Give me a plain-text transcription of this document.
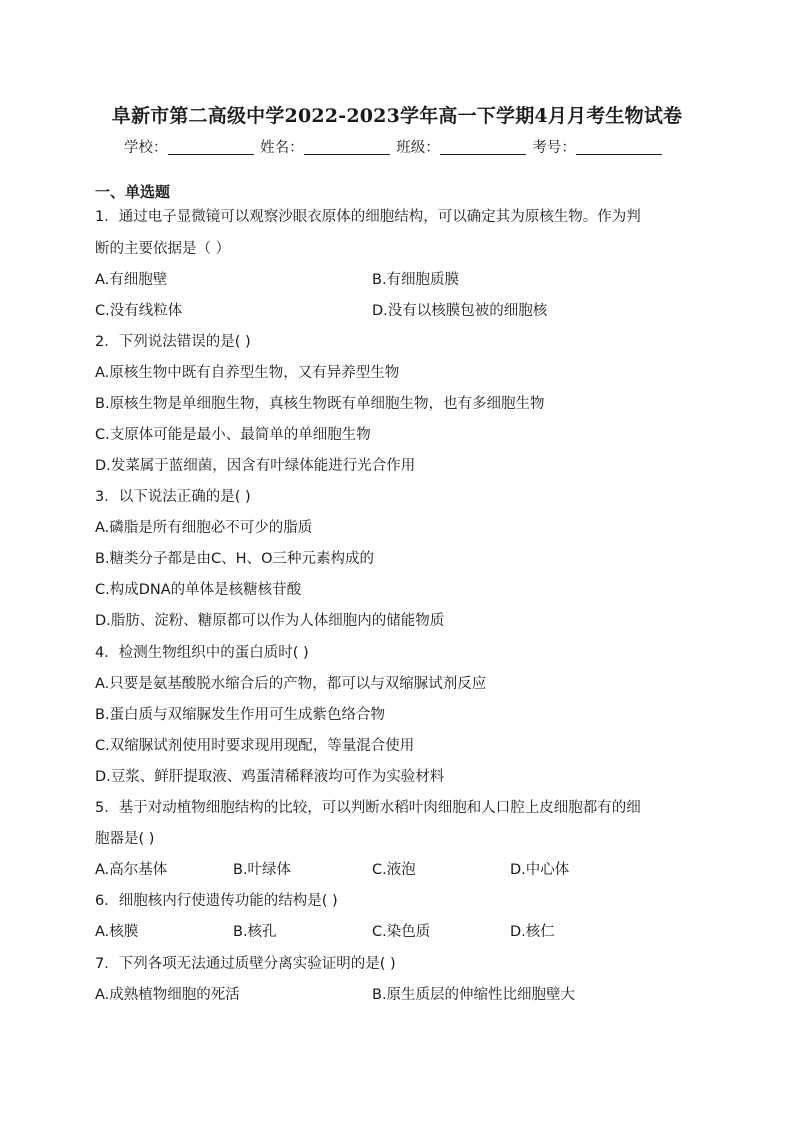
阜新市第二高级中学2022-2023学年高一下学期4月月考生物试卷
学校：	姓名：	班级：	考号：
一、单选题
1．通过电子显微镜可以观察沙眼衣原体的细胞结构，可以确定其为原核生物。作为判
断的主要依据是（ ）
A.有细胞壁	B.有细胞质膜
C.没有线粒体	D.没有以核膜包被的细胞核
2．下列说法错误的是( )
A.原核生物中既有自养型生物，又有异养型生物
B.原核生物是单细胞生物，真核生物既有单细胞生物，也有多细胞生物
C.支原体可能是最小、最简单的单细胞生物
D.发菜属于蓝细菌，因含有叶绿体能进行光合作用
3．以下说法正确的是( )
A.磷脂是所有细胞必不可少的脂质
B.糖类分子都是由C、H、O三种元素构成的
C.构成DNA的单体是核糖核苷酸
D.脂肪、淀粉、糖原都可以作为人体细胞内的储能物质
4．检测生物组织中的蛋白质时( )
A.只要是氨基酸脱水缩合后的产物，都可以与双缩脲试剂反应
B.蛋白质与双缩脲发生作用可生成紫色络合物
C.双缩脲试剂使用时要求现用现配，等量混合使用
D.豆浆、鲜肝提取液、鸡蛋清稀释液均可作为实验材料
5．基于对动植物细胞结构的比较，可以判断水稻叶肉细胞和人口腔上皮细胞都有的细
胞器是( )
A.高尔基体	B.叶绿体	C.液泡	D.中心体
6．细胞核内行使遗传功能的结构是( )
A.核膜	B.核孔	C.染色质	D.核仁
7．下列各项无法通过质壁分离实验证明的是( )
A.成熟植物细胞的死活	B.原生质层的伸缩性比细胞壁大
